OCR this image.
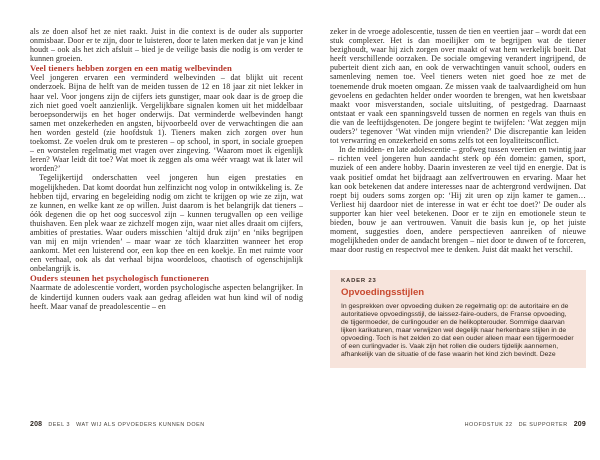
als ze doen alsof het ze niet raakt. Juist in die context is de ouder als supporter onmisbaar. Door er te zijn, door te luisteren, door te laten merken dat je van je kind houdt – ook als het zich afsluit – bied je de veilige basis die nodig is om verder te kunnen groeien.

Veel tieners hebben zorgen en een matig welbevinden

Veel jongeren ervaren een verminderd welbevinden – dat blijkt uit recent onderzoek. Bijna de helft van de meiden tussen de 12 en 18 jaar zit niet lekker in haar vel. Voor jongens zijn de cijfers iets gunstiger, maar ook daar is de groep die zich niet goed voelt aanzienlijk. Vergelijkbare signalen komen uit het middelbaar beroepsonderwijs en het hoger onderwijs. Dat verminderde welbevinden hangt samen met onzekerheden en angsten, bijvoorbeeld over de verwachtingen die aan hen worden gesteld (zie hoofdstuk 1). Tieners maken zich zorgen over hun toekomst. Ze voelen druk om te presteren – op school, in sport, in sociale groepen – en worstelen regelmatig met vragen over zingeving. ‘Waarom moet ik eigenlijk leren? Waar leidt dit toe? Wat moet ik zeggen als oma wéér vraagt wat ik later wil worden?’

Tegelijkertijd onderschatten veel jongeren hun eigen prestaties en mogelijkheden. Dat komt doordat hun zelfinzicht nog volop in ontwikkeling is. Ze hebben tijd, ervaring en begeleiding nodig om zicht te krijgen op wie ze zijn, wat ze kunnen, en welke kant ze op willen. Juist daarom is het belangrijk dat tieners – óók degenen die op het oog succesvol zijn – kunnen terugvallen op een veilige thuishaven. Een plek waar ze zichzelf mogen zijn, waar niet alles draait om cijfers, ambities of prestaties. Waar ouders misschien ‘altijd druk zijn’ en ‘niks begrijpen van mij en mijn vrienden’ – maar waar ze tóch klaarzitten wanneer het erop aankomt. Met een luisterend oor, een kop thee en een koekje. En met ruimte voor een verhaal, ook als dat verhaal bijna woordeloos, chaotisch of ogenschijnlijk onbelangrijk is.

Ouders steunen het psychologisch functioneren

Naarmate de adolescentie vordert, worden psychologische aspecten belangrijker. In de kindertijd kunnen ouders vaak aan gedrag afleiden wat hun kind wil of nodig heeft. Maar vanaf de preadolescentie – en

208 DEEL 3 WAT WIJ ALS OPVOEDERS KUNNEN DOEN

zeker in de vroege adolescentie, tussen de tien en veertien jaar – wordt dat een stuk complexer. Het is dan moeilijker om te begrijpen wat de tiener bezighoudt, waar hij zich zorgen over maakt of wat hem werkelijk boeit. Dat heeft verschillende oorzaken. De sociale omgeving verandert ingrijpend, de puberteit dient zich aan, en ook de verwachtingen vanuit school, ouders en samenleving nemen toe. Veel tieners weten niet goed hoe ze met de toenemende druk moeten omgaan. Ze missen vaak de taalvaardigheid om hun gevoelens en gedachten helder onder woorden te brengen, wat hen kwetsbaar maakt voor misverstanden, sociale uitsluiting, of pestgedrag. Daarnaast ontstaat er vaak een spanningsveld tussen de normen en regels van thuis en die van de leeftijdsgenoten. De jongere begint te twijfelen: ‘Wat zeggen mijn ouders?’ tegenover ‘Wat vinden mijn vrienden?’ Die discrepantie kan leiden tot verwarring en onzekerheid en soms zelfs tot een loyaliteitsconflict.

In de midden- en late adolescentie – grofweg tussen veertien en twintig jaar – richten veel jongeren hun aandacht sterk op één domein: gamen, sport, muziek of een andere hobby. Daarin investeren ze veel tijd en energie. Dat is vaak positief omdat het bijdraagt aan zelfvertrouwen en ervaring. Maar het kan ook betekenen dat andere interesses naar de achtergrond verdwijnen. Dat roept bij ouders soms zorgen op: ‘Hij zit uren op zijn kamer te gamen… Verliest hij daardoor niet de interesse in wat er écht toe doet?’ De ouder als supporter kan hier veel betekenen. Door er te zijn en emotionele steun te bieden, bouw je aan vertrouwen. Vanuit die basis kun je, op het juiste moment, suggesties doen, andere perspectieven aanreiken of nieuwe mogelijkheden onder de aandacht brengen – niet door te duwen of te forceren, maar door rustig en respectvol mee te denken. Juist dát maakt het verschil.

KADER 23

Opvoedingsstijlen

In gesprekken over opvoeding duiken ze regelmatig op: de autoritaire en de autoritatieve opvoedingsstijl, de laissez-faire-ouders, de Franse opvoeding, de tijgermoeder, de curlingouder en de helikopterouder. Sommige daarvan lijken karikaturen, maar verwijzen wel degelijk naar herkenbare stijlen in de opvoeding. Toch is het zelden zo dat een ouder alleen maar een tijgermoeder of een curlingvader is. Vaak zijn het rollen die ouders tijdelijk aannemen, afhankelijk van de situatie of de fase waarin het kind zich bevindt. Deze

HOOFDSTUK 22 DE SUPPORTER 209
